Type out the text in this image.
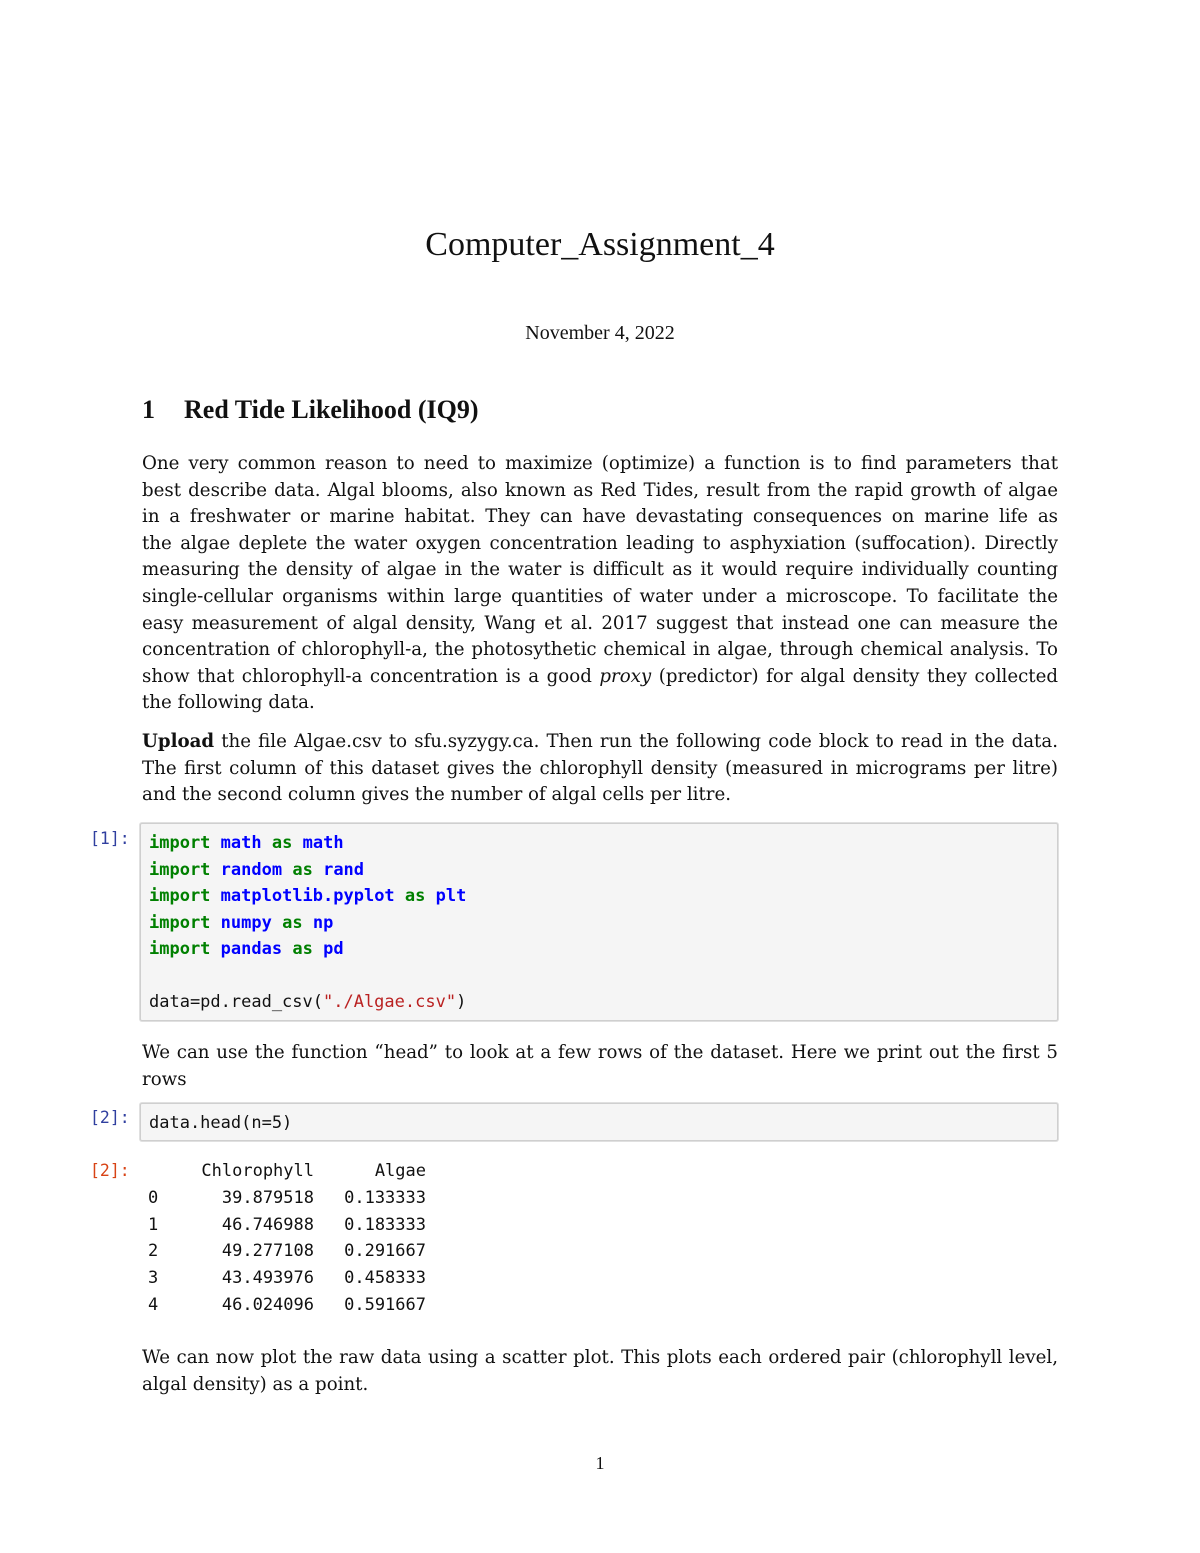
Computer_Assignment_4
November 4, 2022
1 Red Tide Likelihood (IQ9)
One very common reason to need to maximize (optimize) a function is to find parameters that
best describe data. Algal blooms, also known as Red Tides, result from the rapid growth of algae
in a freshwater or marine habitat. They can have devastating consequences on marine life as
the algae deplete the water oxygen concentration leading to asphyxiation (suffocation). Directly
measuring the density of algae in the water is difficult as it would require individually counting
single-cellular organisms within large quantities of water under a microscope. To facilitate the
easy measurement of algal density, Wang et al. 2017 suggest that instead one can measure the
concentration of chlorophyll-a, the photosythetic chemical in algae, through chemical analysis. To
show that chlorophyll-a concentration is a good proxy (predictor) for algal density they collected
the following data.
Upload the file Algae.csv to sfu.syzygy.ca. Then run the following code block to read in the data.
The first column of this dataset gives the chlorophyll density (measured in micrograms per litre)
and the second column gives the number of algal cells per litre.
[1]:	import math as math
import random as rand
import matplotlib.pyplot as plt
import numpy as np
import pandas as pd

data=pd.read_csv("./Algae.csv")
We can use the function “head” to look at a few rows of the dataset. Here we print out the first 5
rows
[2]:	data.head(n=5)
[2]:	Chlorophyll	Algae
0	39.879518	0.133333
1	46.746988	0.183333
2	49.277108	0.291667
3	43.493976	0.458333
4	46.024096	0.591667
We can now plot the raw data using a scatter plot. This plots each ordered pair (chlorophyll level,
algal density) as a point.
1
